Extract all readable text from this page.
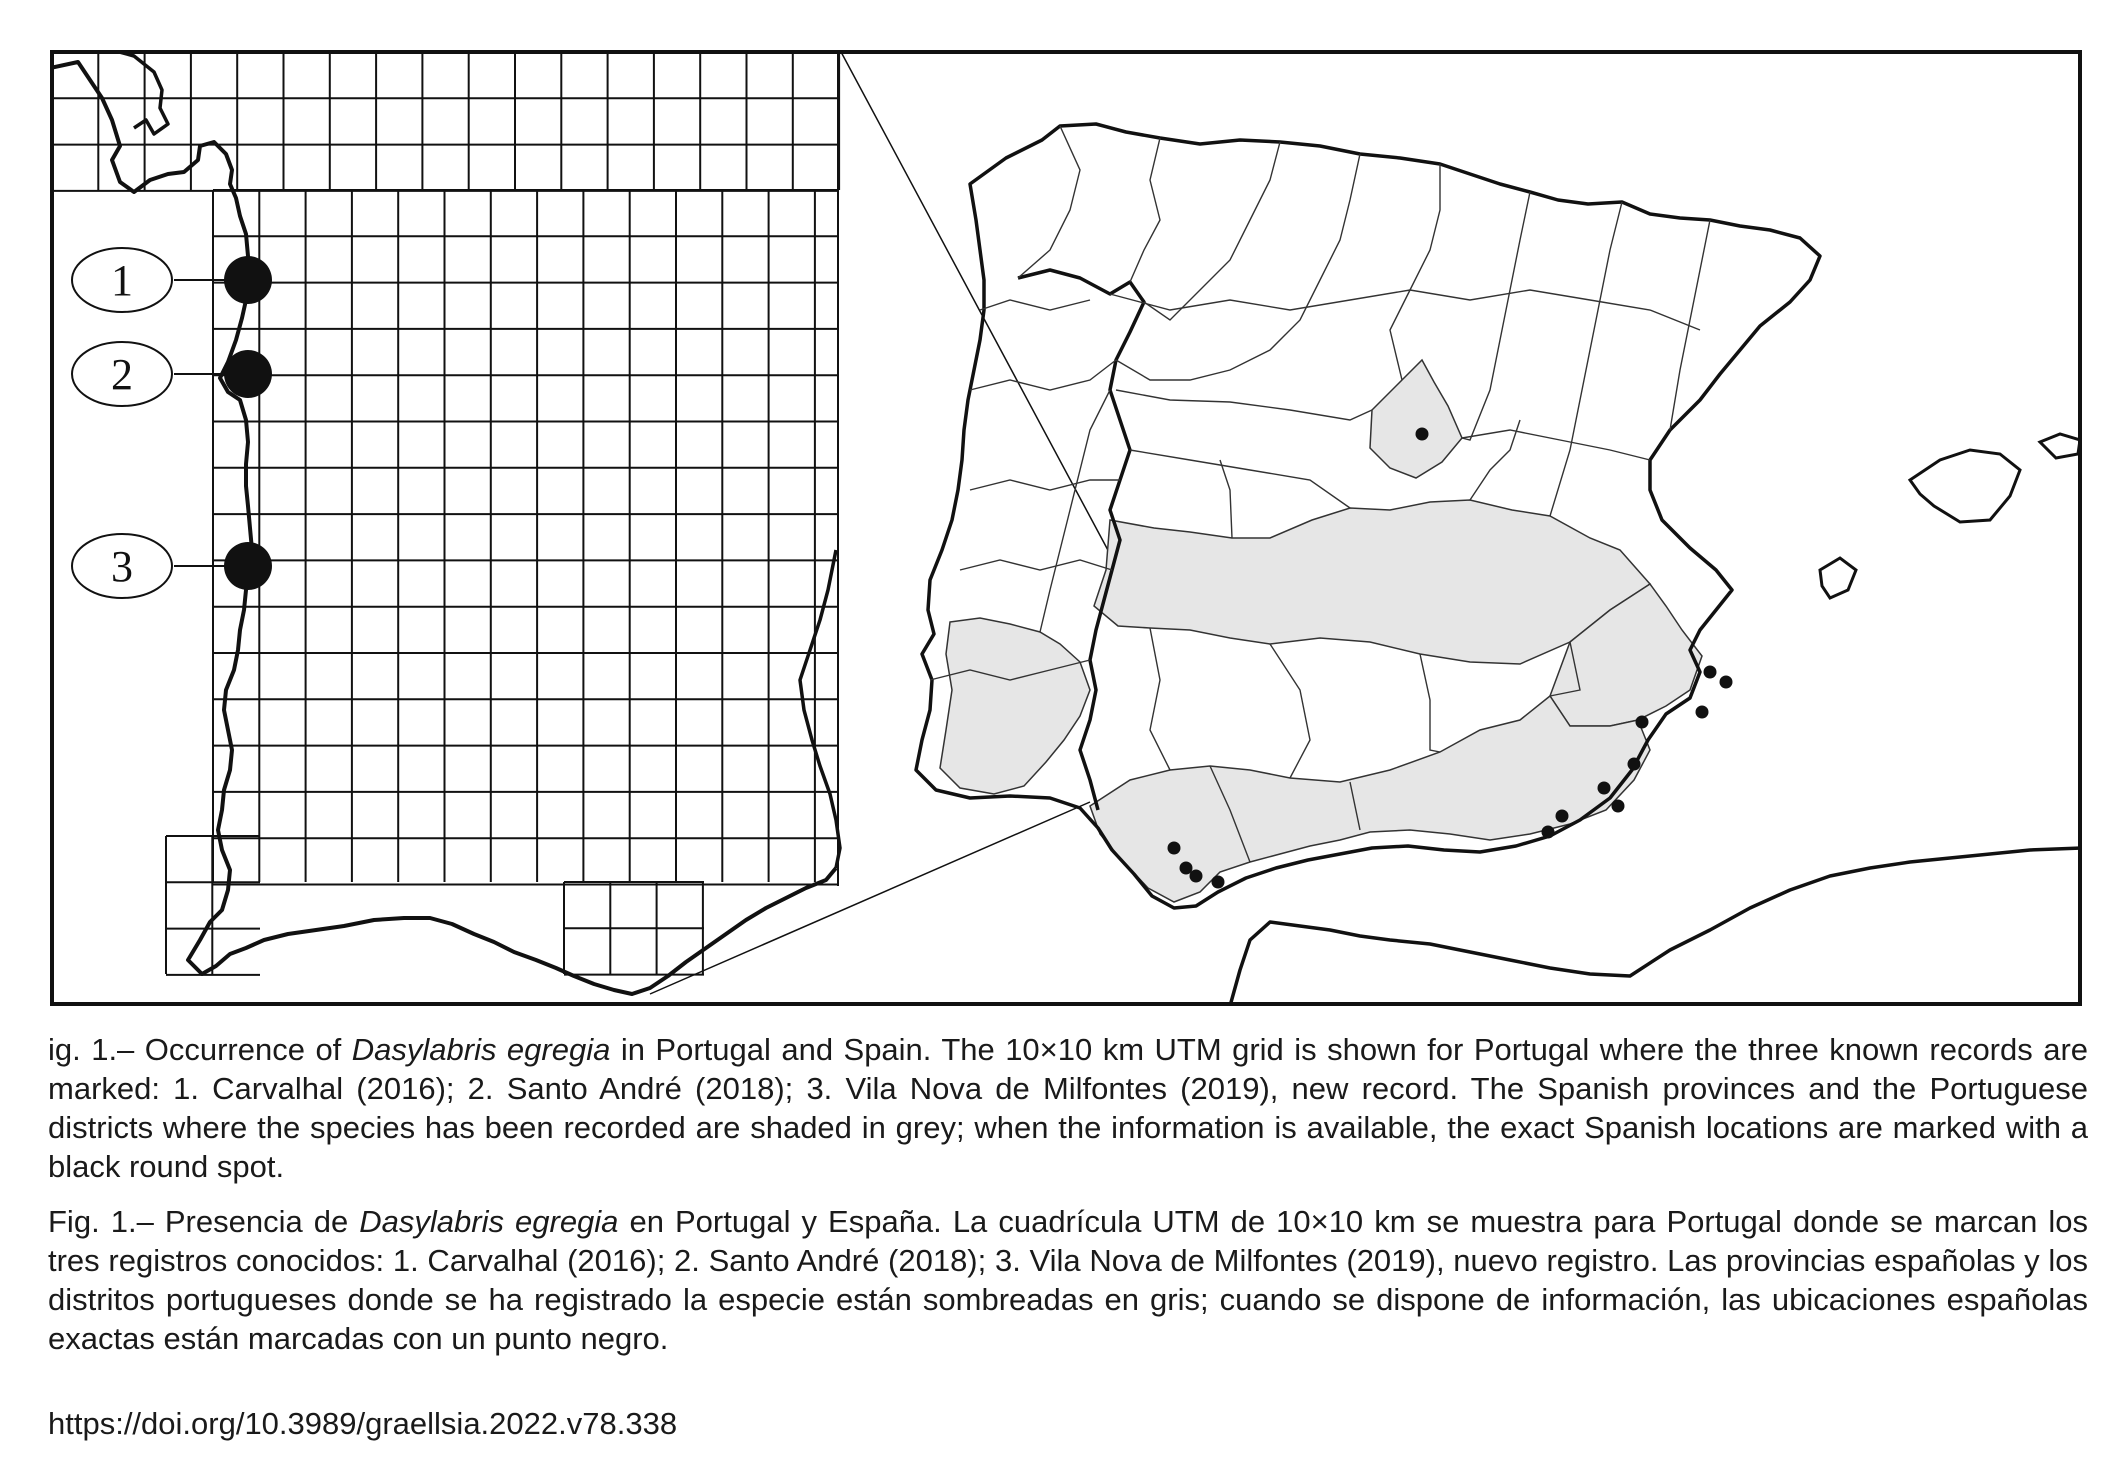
1
2
3

ig. 1.– Occurrence of Dasylabris egregia in Portugal and Spain. The 10×10 km UTM grid is shown for Portugal where the three known records are marked: 1. Carvalhal (2016); 2. Santo André (2018); 3. Vila Nova de Milfontes (2019), new record. The Spanish provinces and the Portuguese districts where the species has been recorded are shaded in grey; when the information is available, the exact Spanish locations are marked with a black round spot.

Fig. 1.– Presencia de Dasylabris egregia en Portugal y España. La cuadrícula UTM de 10×10 km se muestra para Portugal donde se marcan los tres registros conocidos: 1. Carvalhal (2016); 2. Santo André (2018); 3. Vila Nova de Milfontes (2019), nuevo registro. Las provincias españolas y los distritos portugueses donde se ha registrado la especie están sombreadas en gris; cuando se dispone de información, las ubicaciones españolas exactas están marcadas con un punto negro.

https://doi.org/10.3989/graellsia.2022.v78.338
